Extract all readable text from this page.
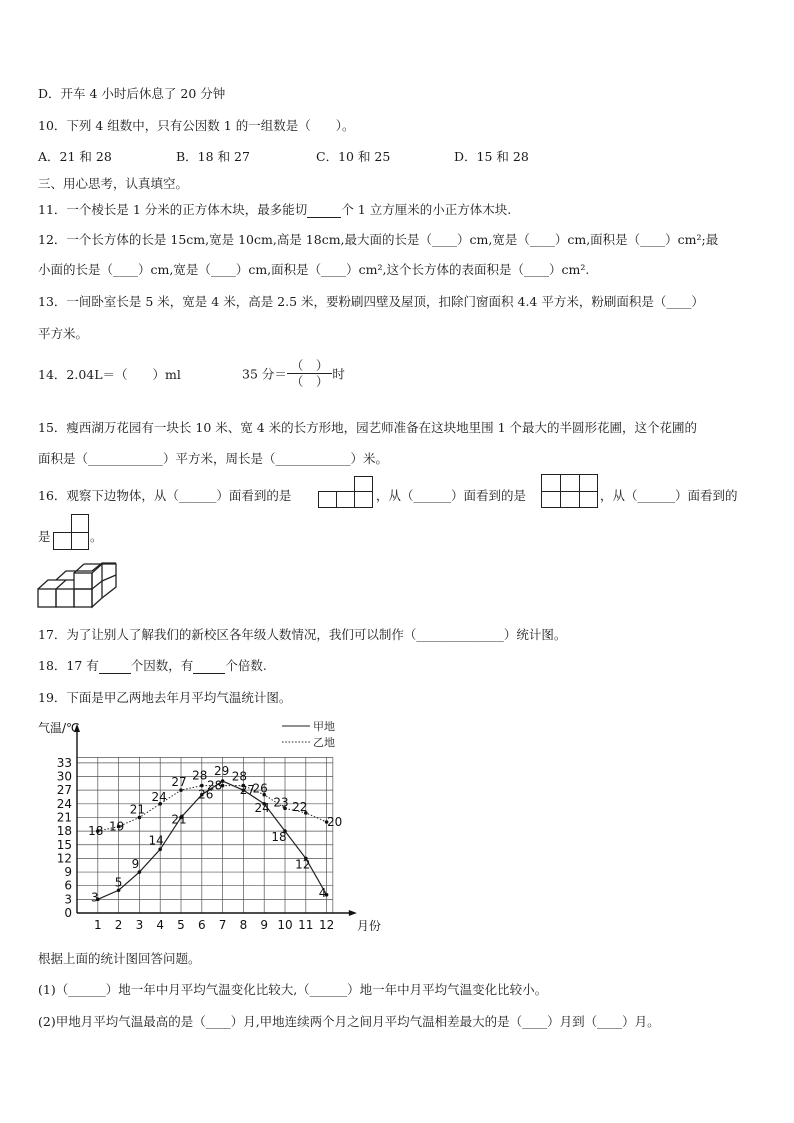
D．开车 4 小时后休息了 20 分钟
10．下列 4 组数中，只有公因数 1 的一组数是（　　）。
A．21 和 28	B．18 和 27	C．10 和 25	D．15 和 28
三、用心思考，认真填空。
11．一个棱长是 1 分米的正方体木块，最多能切	个 1 立方厘米的小正方体木块.
12．一个长方体的长是 15cm,宽是 10cm,高是 18cm,最大面的长是（____）cm,宽是（____）cm,面积是（____）cm²;最
小面的长是（____）cm,宽是（____）cm,面积是（____）cm²,这个长方体的表面积是（____）cm².
13．一间卧室长是 5 米，宽是 4 米，高是 2.5 米，要粉刷四壁及屋顶，扣除门窗面积 4.4 平方米，粉刷面积是（____）
平方米。
14．2.04L＝（　　）ml	35 分＝ $\frac{( )}{( )}$ 时
15．瘦西湖万花园有一块长 10 米、宽 4 米的长方形地，园艺师准备在这块地里围 1 个最大的半圆形花圃，这个花圃的
面积是（____________）平方米，周长是（____________）米。
16．观察下边物体，从（______）面看到的是	，从（______）面看到的是	，从（______）面看到的
是	。
17．为了让别人了解我们的新校区各年级人数情况，我们可以制作（______________）统计图。
18．17 有	个因数，有	个倍数.
19．下面是甲乙两地去年月平均气温统计图。
0
3
6
9
12
15
18
21
24
27
30
33
1 2 3 4 5 6 7 8 9 10 11 12
气温/℃
月份
甲地
乙地
3
5
9
14
21
26
29
27
24
18
12
4
18 19
21
24
27 28
28
28
26
23 22
20
根据上面的统计图回答问题。
(1)（______）地一年中月平均气温变化比较大,（______）地一年中月平均气温变化比较小。
(2)甲地月平均气温最高的是（____）月,甲地连续两个月之间月平均气温相差最大的是（____）月到（____）月。
